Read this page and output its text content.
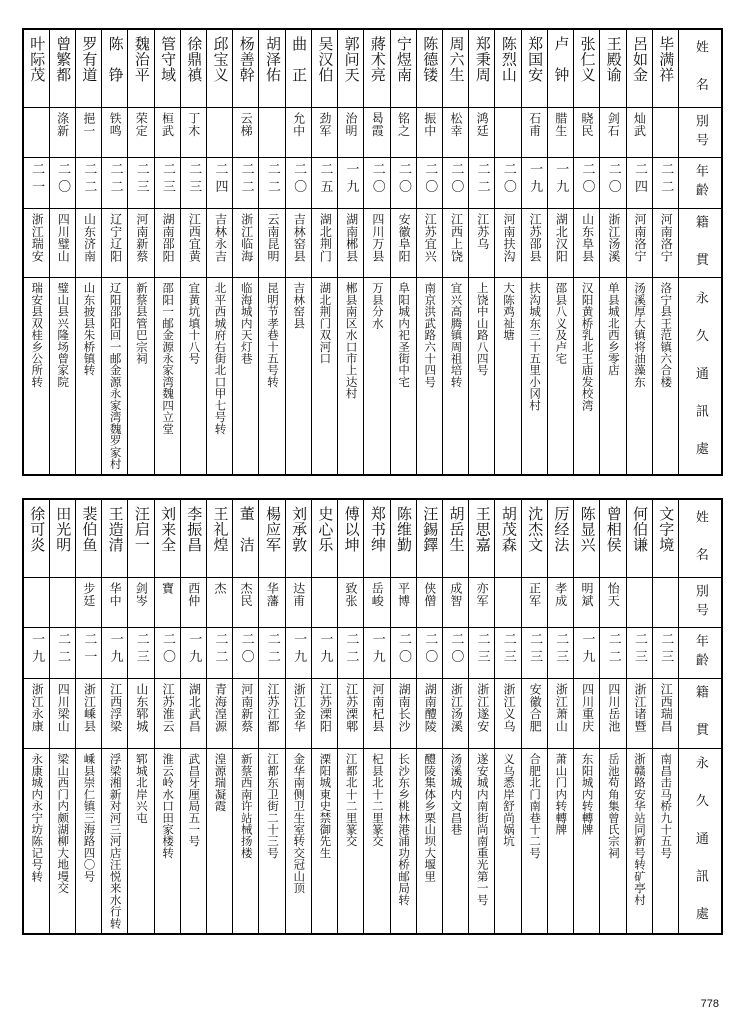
叶际茂	曾繁都	罗有道	陈　铮	魏治平	管守域	徐鼎禛	邱宝义	杨善幹	胡泽佑	曲　正	吴汉伯	郭问天	蔣术亮	宁煜南	陈德镂	周六生	郑秉周	陈烈山	郑国安	卢　钟	张仁义	王殿谕	呂如金	毕满祥	姓　名

	涤新	挹一	铁鸣	荣定	桓武	丁木		云梯		允中	劲军	治明	曷霞	铭之	振中	松幸	鸿廷		石甫	腊生	晓民	剑石	灿武		別号

二一	二〇	二二	二二	二三	二三	二三	二四	二二	二二	二〇	二五	一九	二〇	二〇	二〇	二〇	二二	二〇	一九	一九	二〇	二〇	二四	二二	年齡

浙江瑞安	四川璧山	山东济南	辽宁辽阳	河南新蔡	湖南邵阳	江西宜黄	吉林永吉	浙江临海	云南昆明	吉林窑县	湖北荆门	湖南郴县	四川万县	安徽阜阳	江苏宜兴	江西上饶	江苏乌	河南扶沟	江苏邵县	湖北汉阳	山东阜县	浙江汤溪	河南洛宁	河南洛宁	籍　貫

瑞安县双桂乡公所转	璧山县兴隆场曾家院	山东披县朱桥镇转	辽阳邵阳回一邮金源永家湾魏罗家村	新蔡县管巴宗祠	邵阳一邮金源永家湾魏四立堂	宜黄坑填十八号	北平西城府右街北口甲七号转	临海城内天灯巷	昆明节孝巷十五号转	吉林窑县	湖北荆门双河口	郴县南区水口市上达村	万县分水	阜阳城内祀圣街中宅	南京洪武路六十四号	宜兴高腾镇周祖培转	上饶中山路八四号	大陈鸡祉塘	扶沟城东三十五里小冈村	邵县八义及卢宅	汉阳黄桥乳北王庙发校湾	单县城北西乡零店	汤溪厚大镇将油藻东	洛宁县王范镇六合楼	永　久　通　訊　處
徐可炎	田光明	裴伯鱼	王造清	汪启一	刘来全	李振昌	王礼煌	董　洁	楊应军	刘承敦	史心乐	傅以坤	郑书绅	陈维勤	汪錫鐸	胡岳生	王思嘉	胡茂森	沈杰文	厉经法	陈显兴	曾相侯	何伯谦	文字境	姓　名

		步廷	华中	剑岑	寶	西仲	杰	杰民	华藩	达甫		致张	岳峻	平博	侠僧	成智	亦军		正军	孝成	明斌	怡天			別号

一九	二二	二一	一九	二三	二〇	一九	二二	二〇	二二	一九	一九	二二	一九	二〇	二〇	二〇	二三	二三	二三	二三	一九	二二	二三	二三	年齡

浙江永康	四川梁山	浙江嵊县	江西浮梁	山东郓城	江苏淮云	湖北武昌	青海湟源	河南新蔡	江苏江都	浙江金华	江苏溧阳	江苏溧郫	河南杞县	湖南长沙	湖南醴陵	浙江汤溪	浙江遂安	浙江义乌	安徽合肥	浙江萧山	四川重庆	四川岳池	浙江诸暨	江西瑞昌	籍　貫

永康城内永宁坊陈记号转	梁山西门内颇湖柳大地墁交	嵊县崇仁镇三海路四〇号	浮梁湘新对河三河店汪悦来水行转	郓城北岸兴屯	淮云岭水口田家楼转	武昌牙厘局五一号	湟源瑞凝霞	新蔡西南许站械扬楼	江都东卫街二十三号	金华南侧卫生室转交冠山顶	溧阳城東史禁御先生	江都北十二里篆交	杞县北十二里篆交	长沙东乡桃林港浦功桥邮局转	醴陵集体乡栗山坝大堰里	汤溪城内文昌巷	遂安城内南街尚南重光第一号	义乌悉岸舒尚娲坑	合肥北门南巷十二号	萧山门内转轉牌	东阳城内转轉牌	岳池苟角集曾氏宗祠	浙赣路安华站同新号转矿亭村	南昌击马桥九十五号	永　久　通　訊　處
778
